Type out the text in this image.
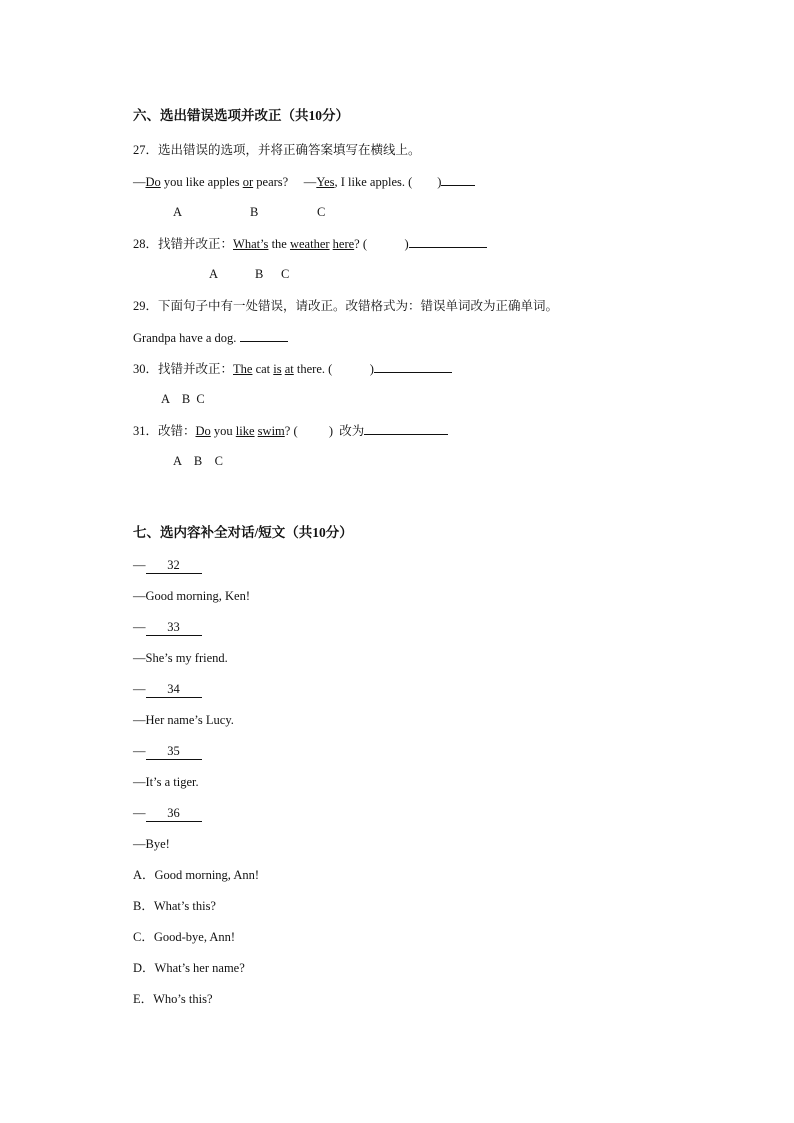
六、选出错误选项并改正（共10分）
27．选出错误的选项，并将正确答案填写在横线上。
—Do you like apples or pears?     —Yes, I like apples. (        )
A	B	C
28．找错并改正：What’s the weather here? (            )
A	B C
29．下面句子中有一处错误，请改正。改错格式为：错误单词改为正确单词。
Grandpa have a dog.
30．找错并改正：The cat is at there. (            )
A    B  C
31．改错：Do you like swim? (          )  改为
A    B    C
七、选内容补全对话/短文（共10分）
— 32
—Good morning, Ken!
— 33
—She’s my friend.
— 34
—Her name’s Lucy.
— 35
—It’s a tiger.
— 36
—Bye!
A．Good morning, Ann!
B．What’s this?
C．Good-bye, Ann!
D．What’s her name?
E．Who’s this?
